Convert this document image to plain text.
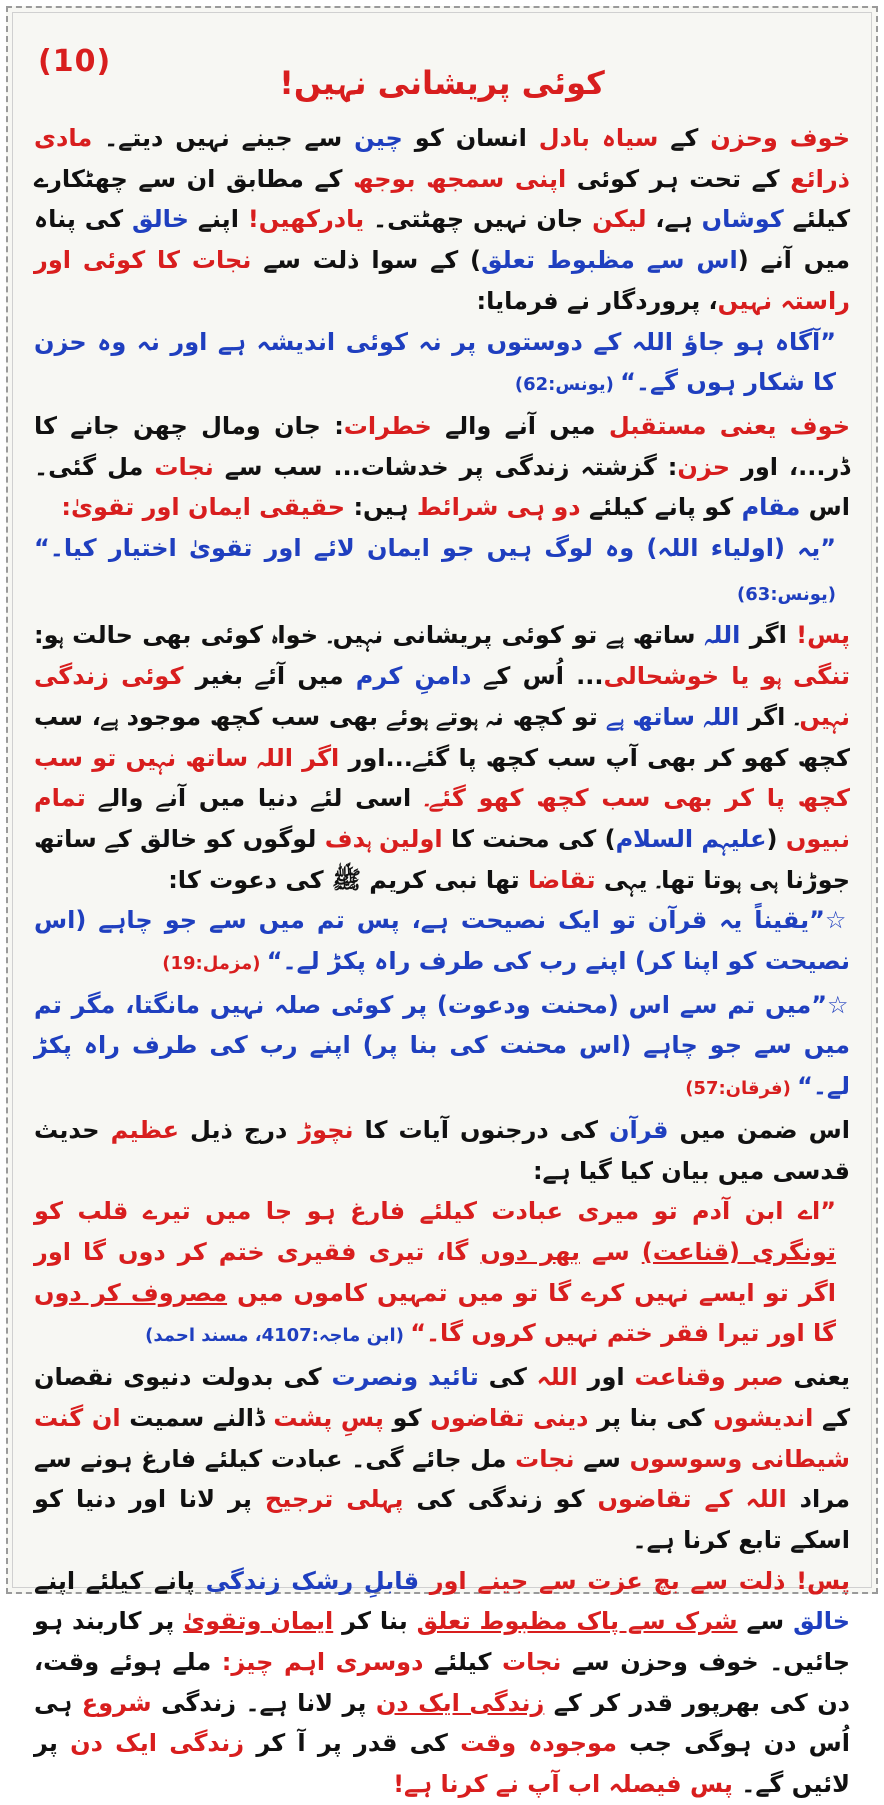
(10)
کوئی پریشانی نہیں!

خوف وحزن کے سیاہ بادل انسان کو چین سے جینے نہیں دیتے۔ مادی ذرائع کے تحت ہر کوئی اپنی سمجھ بوجھ کے مطابق ان سے چھٹکارے کیلئے کوشاں ہے، لیکن جان نہیں چھٹتی۔ یادرکھیں! اپنے خالق کی پناہ میں آنے (اس سے مظبوط تعلق) کے سوا ذلت سے نجات کا کوئی اور راستہ نہیں، پروردگار نے فرمایا:

”آگاہ ہو جاؤ اللہ کے دوستوں پر نہ کوئی اندیشہ ہے اور نہ وہ حزن کا شکار ہوں گے۔“ (یونس:62)

خوف یعنی مستقبل میں آنے والے خطرات: جان ومال چھن جانے کا ڈر...، اور حزن: گزشتہ زندگی پر خدشات... سب سے نجات مل گئی۔ اس مقام کو پانے کیلئے دو ہی شرائط ہیں: حقیقی ایمان اور تقویٰ:

”یہ (اولیاء اللہ) وہ لوگ ہیں جو ایمان لائے اور تقویٰ اختیار کیا۔“ (یونس:63)

پس! اگر اللہ ساتھ ہے تو کوئی پریشانی نہیں۔ خواہ کوئی بھی حالت ہو: تنگی ہو یا خوشحالی... اُس کے دامنِ کرم میں آئے بغیر کوئی زندگی نہیں۔ اگر اللہ ساتھ ہے تو کچھ نہ ہوتے ہوئے بھی سب کچھ موجود ہے، سب کچھ کھو کر بھی آپ سب کچھ پا گئے...اور اگر اللہ ساتھ نہیں تو سب کچھ پا کر بھی سب کچھ کھو گئے۔ اسی لئے دنیا میں آنے والے تمام نبیوں (علیہم السلام) کی محنت کا اولین ہدف لوگوں کو خالق کے ساتھ جوڑنا ہی ہوتا تھا۔ یہی تقاضا تھا نبی کریم ﷺ کی دعوت کا:

☆”یقیناً یہ قرآن تو ایک نصیحت ہے، پس تم میں سے جو چاہے (اس نصیحت کو اپنا کر) اپنے رب کی طرف راہ پکڑ لے۔“ (مزمل:19)

☆”میں تم سے اس (محنت ودعوت) پر کوئی صلہ نہیں مانگتا، مگر تم میں سے جو چاہے (اس محنت کی بنا پر) اپنے رب کی طرف راہ پکڑ لے۔“ (فرقان:57)

اس ضمن میں قرآن کی درجنوں آیات کا نچوڑ درج ذیل عظیم حدیث قدسی میں بیان کیا گیا ہے:

”اے ابن آدم تو میری عبادت کیلئے فارغ ہو جا میں تیرے قلب کو تونگری (قناعت) سے بھر دوں گا، تیری فقیری ختم کر دوں گا اور اگر تو ایسے نہیں کرے گا تو میں تمہیں کاموں میں مصروف کر دوں گا اور تیرا فقر ختم نہیں کروں گا۔“ (ابن ماجہ:4107، مسند احمد)

یعنی صبر وقناعت اور اللہ کی تائید ونصرت کی بدولت دنیوی نقصان کے اندیشوں کی بنا پر دینی تقاضوں کو پسِ پشت ڈالنے سمیت ان گنت شیطانی وسوسوں سے نجات مل جائے گی۔ عبادت کیلئے فارغ ہونے سے مراد اللہ کے تقاضوں کو زندگی کی پہلی ترجیح پر لانا اور دنیا کو اسکے تابع کرنا ہے۔

پس! ذلت سے بچ عزت سے جینے اور قابلِ رشک زندگی پانے کیلئے اپنے خالق سے شرک سے پاک مظبوط تعلق بنا کر ایمان وتقویٰ پر کاربند ہو جائیں۔ خوف وحزن سے نجات کیلئے دوسری اہم چیز: ملے ہوئے وقت، دن کی بھرپور قدر کر کے زندگی ایک دن پر لانا ہے۔ زندگی شروع ہی اُس دن ہوگی جب موجودہ وقت کی قدر پر آ کر زندگی ایک دن پر لائیں گے۔ پس فیصلہ اب آپ نے کرنا ہے!
